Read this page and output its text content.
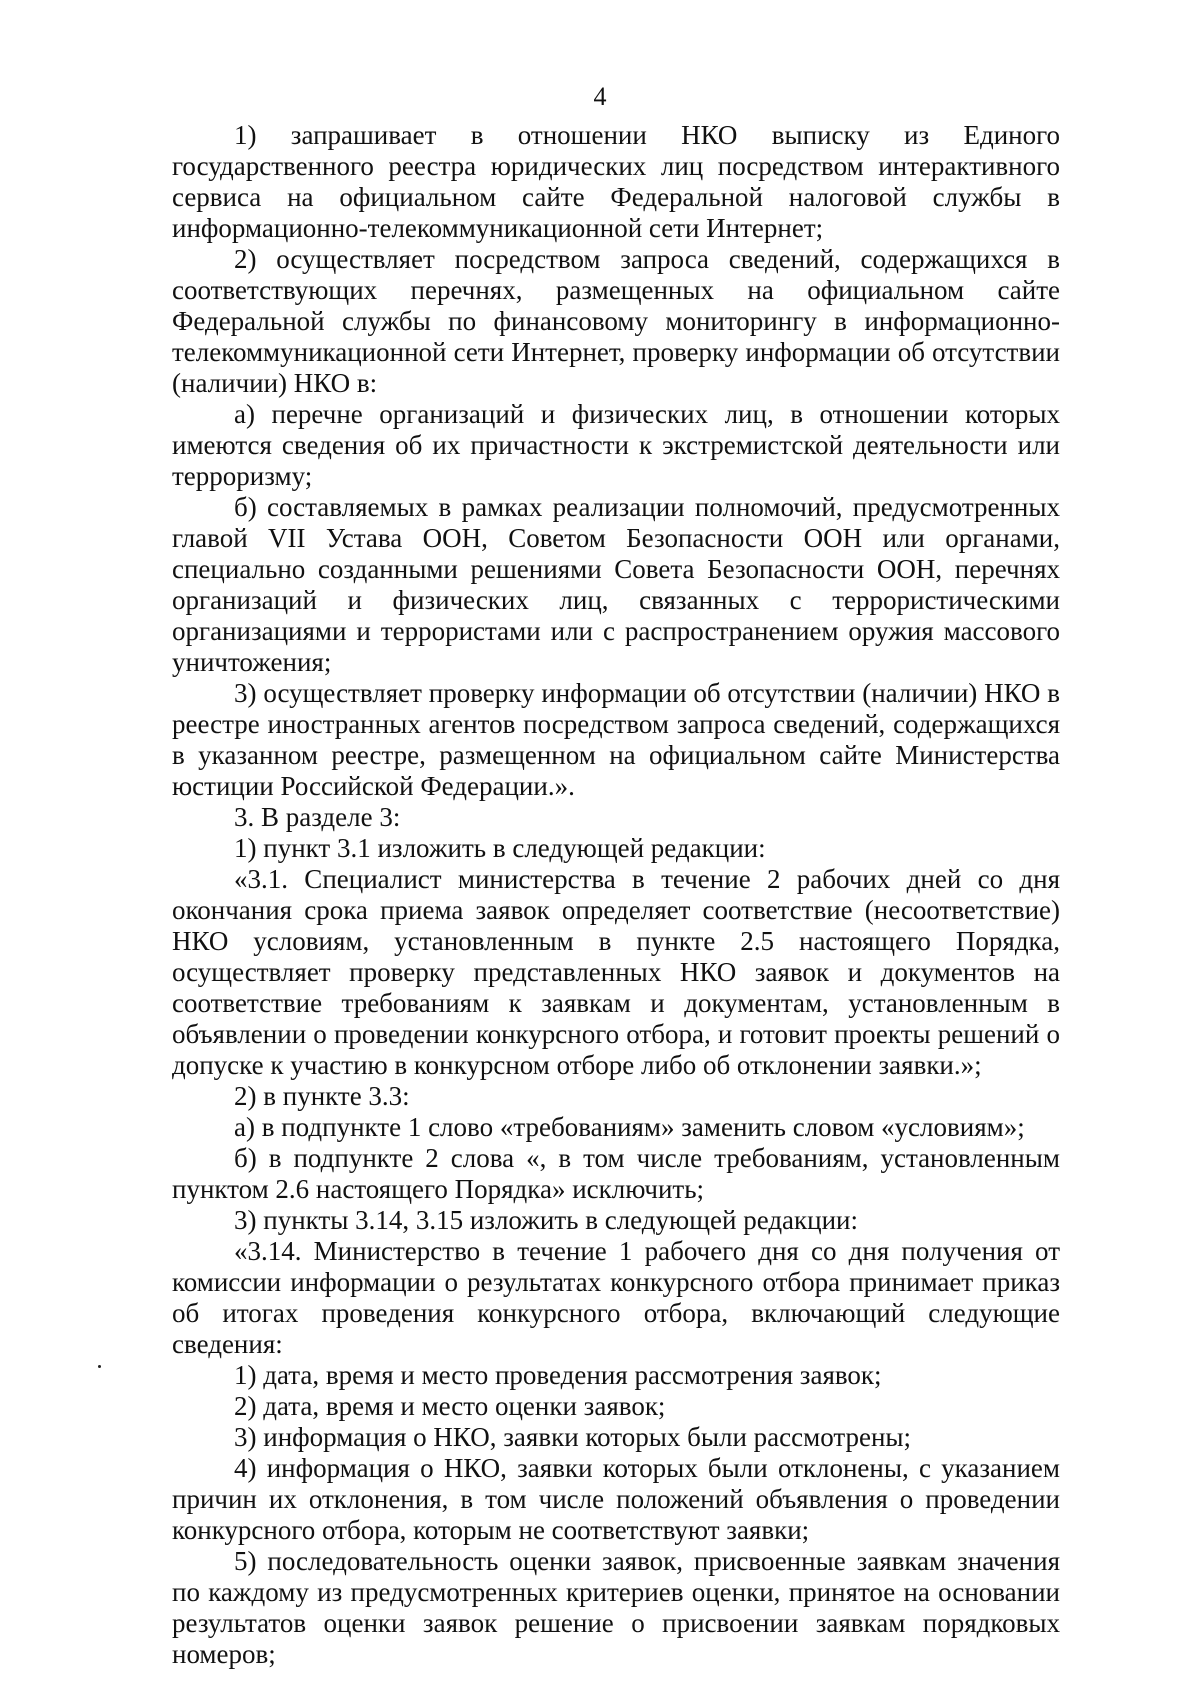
4

1) запрашивает в отношении НКО выписку из Единого государственного реестра юридических лиц посредством интерактивного сервиса на официальном сайте Федеральной налоговой службы в информационно-телекоммуникационной сети Интернет;

2) осуществляет посредством запроса сведений, содержащихся в соответствующих перечнях, размещенных на официальном сайте Федеральной службы по финансовому мониторингу в информационно-телекоммуникационной сети Интернет, проверку информации об отсутствии (наличии) НКО в:

а) перечне организаций и физических лиц, в отношении которых имеются сведения об их причастности к экстремистской деятельности или терроризму;

б) составляемых в рамках реализации полномочий, предусмотренных главой VII Устава ООН, Советом Безопасности ООН или органами, специально созданными решениями Совета Безопасности ООН, перечнях организаций и физических лиц, связанных с террористическими организациями и террористами или с распространением оружия массового уничтожения;

3) осуществляет проверку информации об отсутствии (наличии) НКО в реестре иностранных агентов посредством запроса сведений, содержащихся в указанном реестре, размещенном на официальном сайте Министерства юстиции Российской Федерации.».

3. В разделе 3:

1) пункт 3.1 изложить в следующей редакции:

«3.1. Специалист министерства в течение 2 рабочих дней со дня окончания срока приема заявок определяет соответствие (несоответствие) НКО условиям, установленным в пункте 2.5 настоящего Порядка, осуществляет проверку представленных НКО заявок и документов на соответствие требованиям к заявкам и документам, установленным в объявлении о проведении конкурсного отбора, и готовит проекты решений о допуске к участию в конкурсном отборе либо об отклонении заявки.»;

2) в пункте 3.3:

а) в подпункте 1 слово «требованиям» заменить словом «условиям»;

б) в подпункте 2 слова «, в том числе требованиям, установленным пунктом 2.6 настоящего Порядка» исключить;

3) пункты 3.14, 3.15 изложить в следующей редакции:

«3.14. Министерство в течение 1 рабочего дня со дня получения от комиссии информации о результатах конкурсного отбора принимает приказ об итогах проведения конкурсного отбора, включающий следующие сведения:

1) дата, время и место проведения рассмотрения заявок;

2) дата, время и место оценки заявок;

3) информация о НКО, заявки которых были рассмотрены;

4) информация о НКО, заявки которых были отклонены, с указанием причин их отклонения, в том числе положений объявления о проведении конкурсного отбора, которым не соответствуют заявки;

5) последовательность оценки заявок, присвоенные заявкам значения по каждому из предусмотренных критериев оценки, принятое на основании результатов оценки заявок решение о присвоении заявкам порядковых номеров;
